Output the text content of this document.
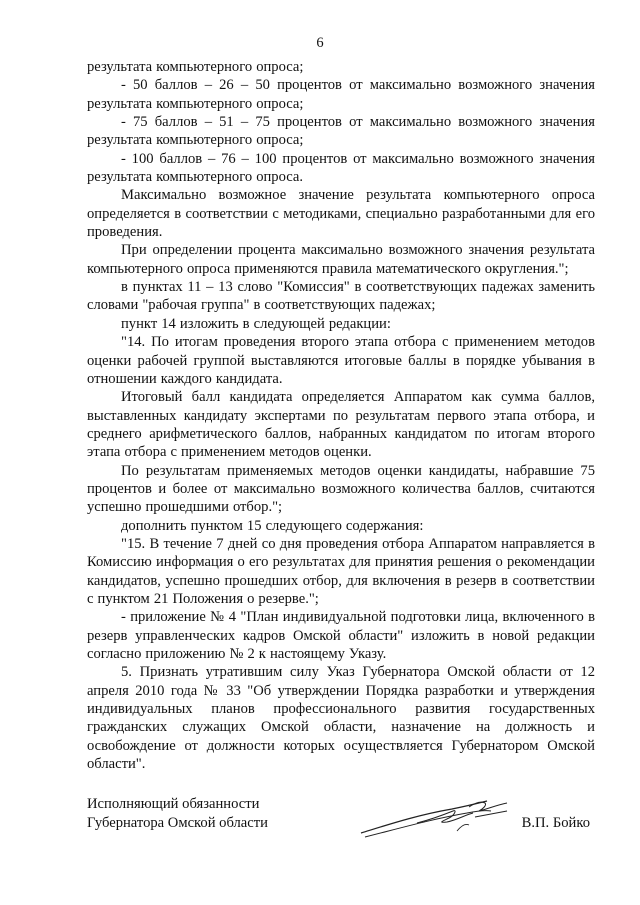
6

результата компьютерного опроса;

- 50 баллов – 26 – 50 процентов от максимально возможного значения результата компьютерного опроса;

- 75 баллов – 51 – 75 процентов от максимально возможного значения результата компьютерного опроса;

- 100 баллов – 76 – 100 процентов от максимально возможного значения результата компьютерного опроса.

Максимально возможное значение результата компьютерного опроса определяется в соответствии с методиками, специально разработанными для его проведения.

При определении процента максимально возможного значения результата компьютерного опроса применяются правила математического округления.";

в пунктах 11 – 13 слово "Комиссия" в соответствующих падежах заменить словами "рабочая группа" в соответствующих падежах;

пункт 14 изложить в следующей редакции:

"14. По итогам проведения второго этапа отбора с применением методов оценки рабочей группой выставляются итоговые баллы в порядке убывания в отношении каждого кандидата.

Итоговый балл кандидата определяется Аппаратом как сумма баллов, выставленных кандидату экспертами по результатам первого этапа отбора, и среднего арифметического баллов, набранных кандидатом по итогам второго этапа отбора с применением методов оценки.

По результатам применяемых методов оценки кандидаты, набравшие 75 процентов и более от максимально возможного количества баллов, считаются успешно прошедшими отбор.";

дополнить пунктом 15 следующего содержания:

"15. В течение 7 дней со дня проведения отбора Аппаратом направляется в Комиссию информация о его результатах для принятия решения о рекомендации кандидатов, успешно прошедших отбор, для включения в резерв в соответствии с пунктом 21 Положения о резерве.";

- приложение № 4 "План индивидуальной подготовки лица, включенного в резерв управленческих кадров Омской области" изложить в новой редакции согласно приложению № 2 к настоящему Указу.

5. Признать утратившим силу Указ Губернатора Омской области от 12 апреля 2010 года № 33 "Об утверждении Порядка разработки и утверждения индивидуальных планов профессионального развития государственных гражданских служащих Омской области, назначение на должность и освобождение от должности которых осуществляется Губернатором Омской области".

Исполняющий обязанности
Губернатора Омской области	В.П. Бойко
